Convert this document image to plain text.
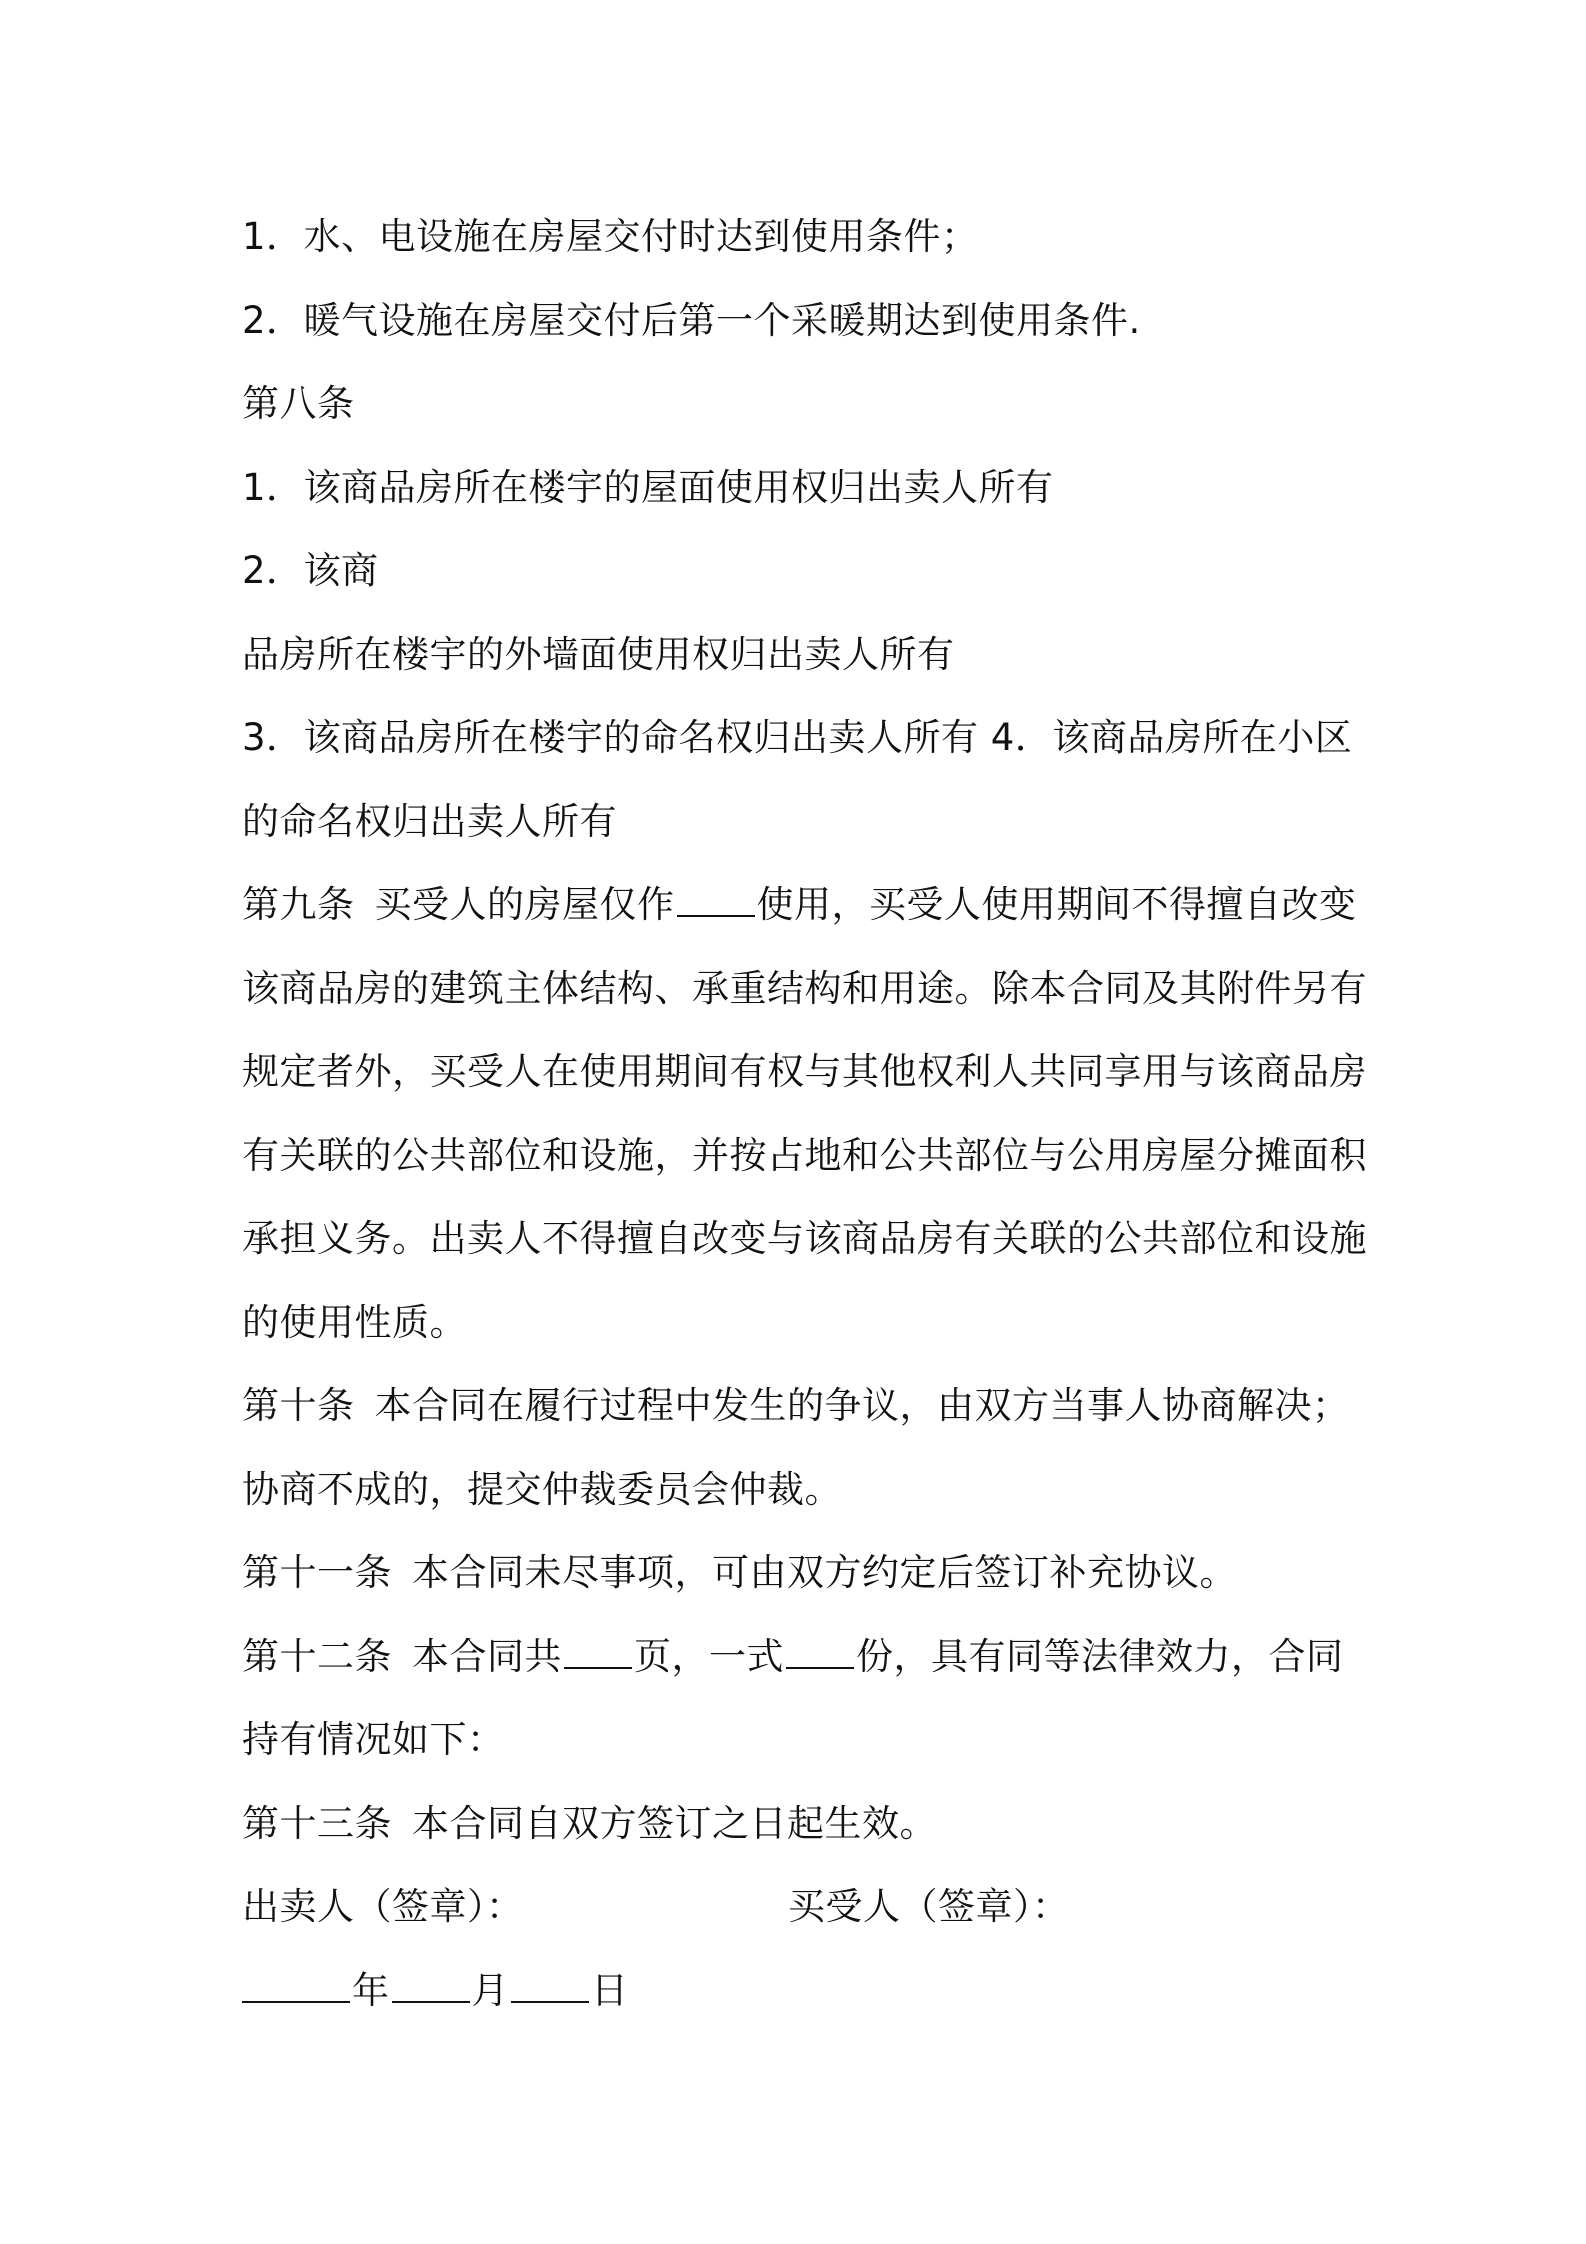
1．水、电设施在房屋交付时达到使用条件；
2．暖气设施在房屋交付后第一个采暖期达到使用条件.
第八条
1．该商品房所在楼宇的屋面使用权归出卖人所有
2．该商
品房所在楼宇的外墙面使用权归出卖人所有
3．该商品房所在楼宇的命名权归出卖人所有 4．该商品房所在小区
的命名权归出卖人所有
第九条 买受人的房屋仅作 使用，买受人使用期间不得擅自改变
该商品房的建筑主体结构、承重结构和用途。除本合同及其附件另有
规定者外，买受人在使用期间有权与其他权利人共同享用与该商品房
有关联的公共部位和设施，并按占地和公共部位与公用房屋分摊面积
承担义务。出卖人不得擅自改变与该商品房有关联的公共部位和设施
的使用性质。
第十条 本合同在履行过程中发生的争议，由双方当事人协商解决；
协商不成的，提交仲裁委员会仲裁。
第十一条 本合同未尽事项，可由双方约定后签订补充协议。
第十二条 本合同共 页，一式 份，具有同等法律效力，合同
持有情况如下：
第十三条 本合同自双方签订之日起生效。
出卖人（签章）：	买受人（签章）：
年 月 日
